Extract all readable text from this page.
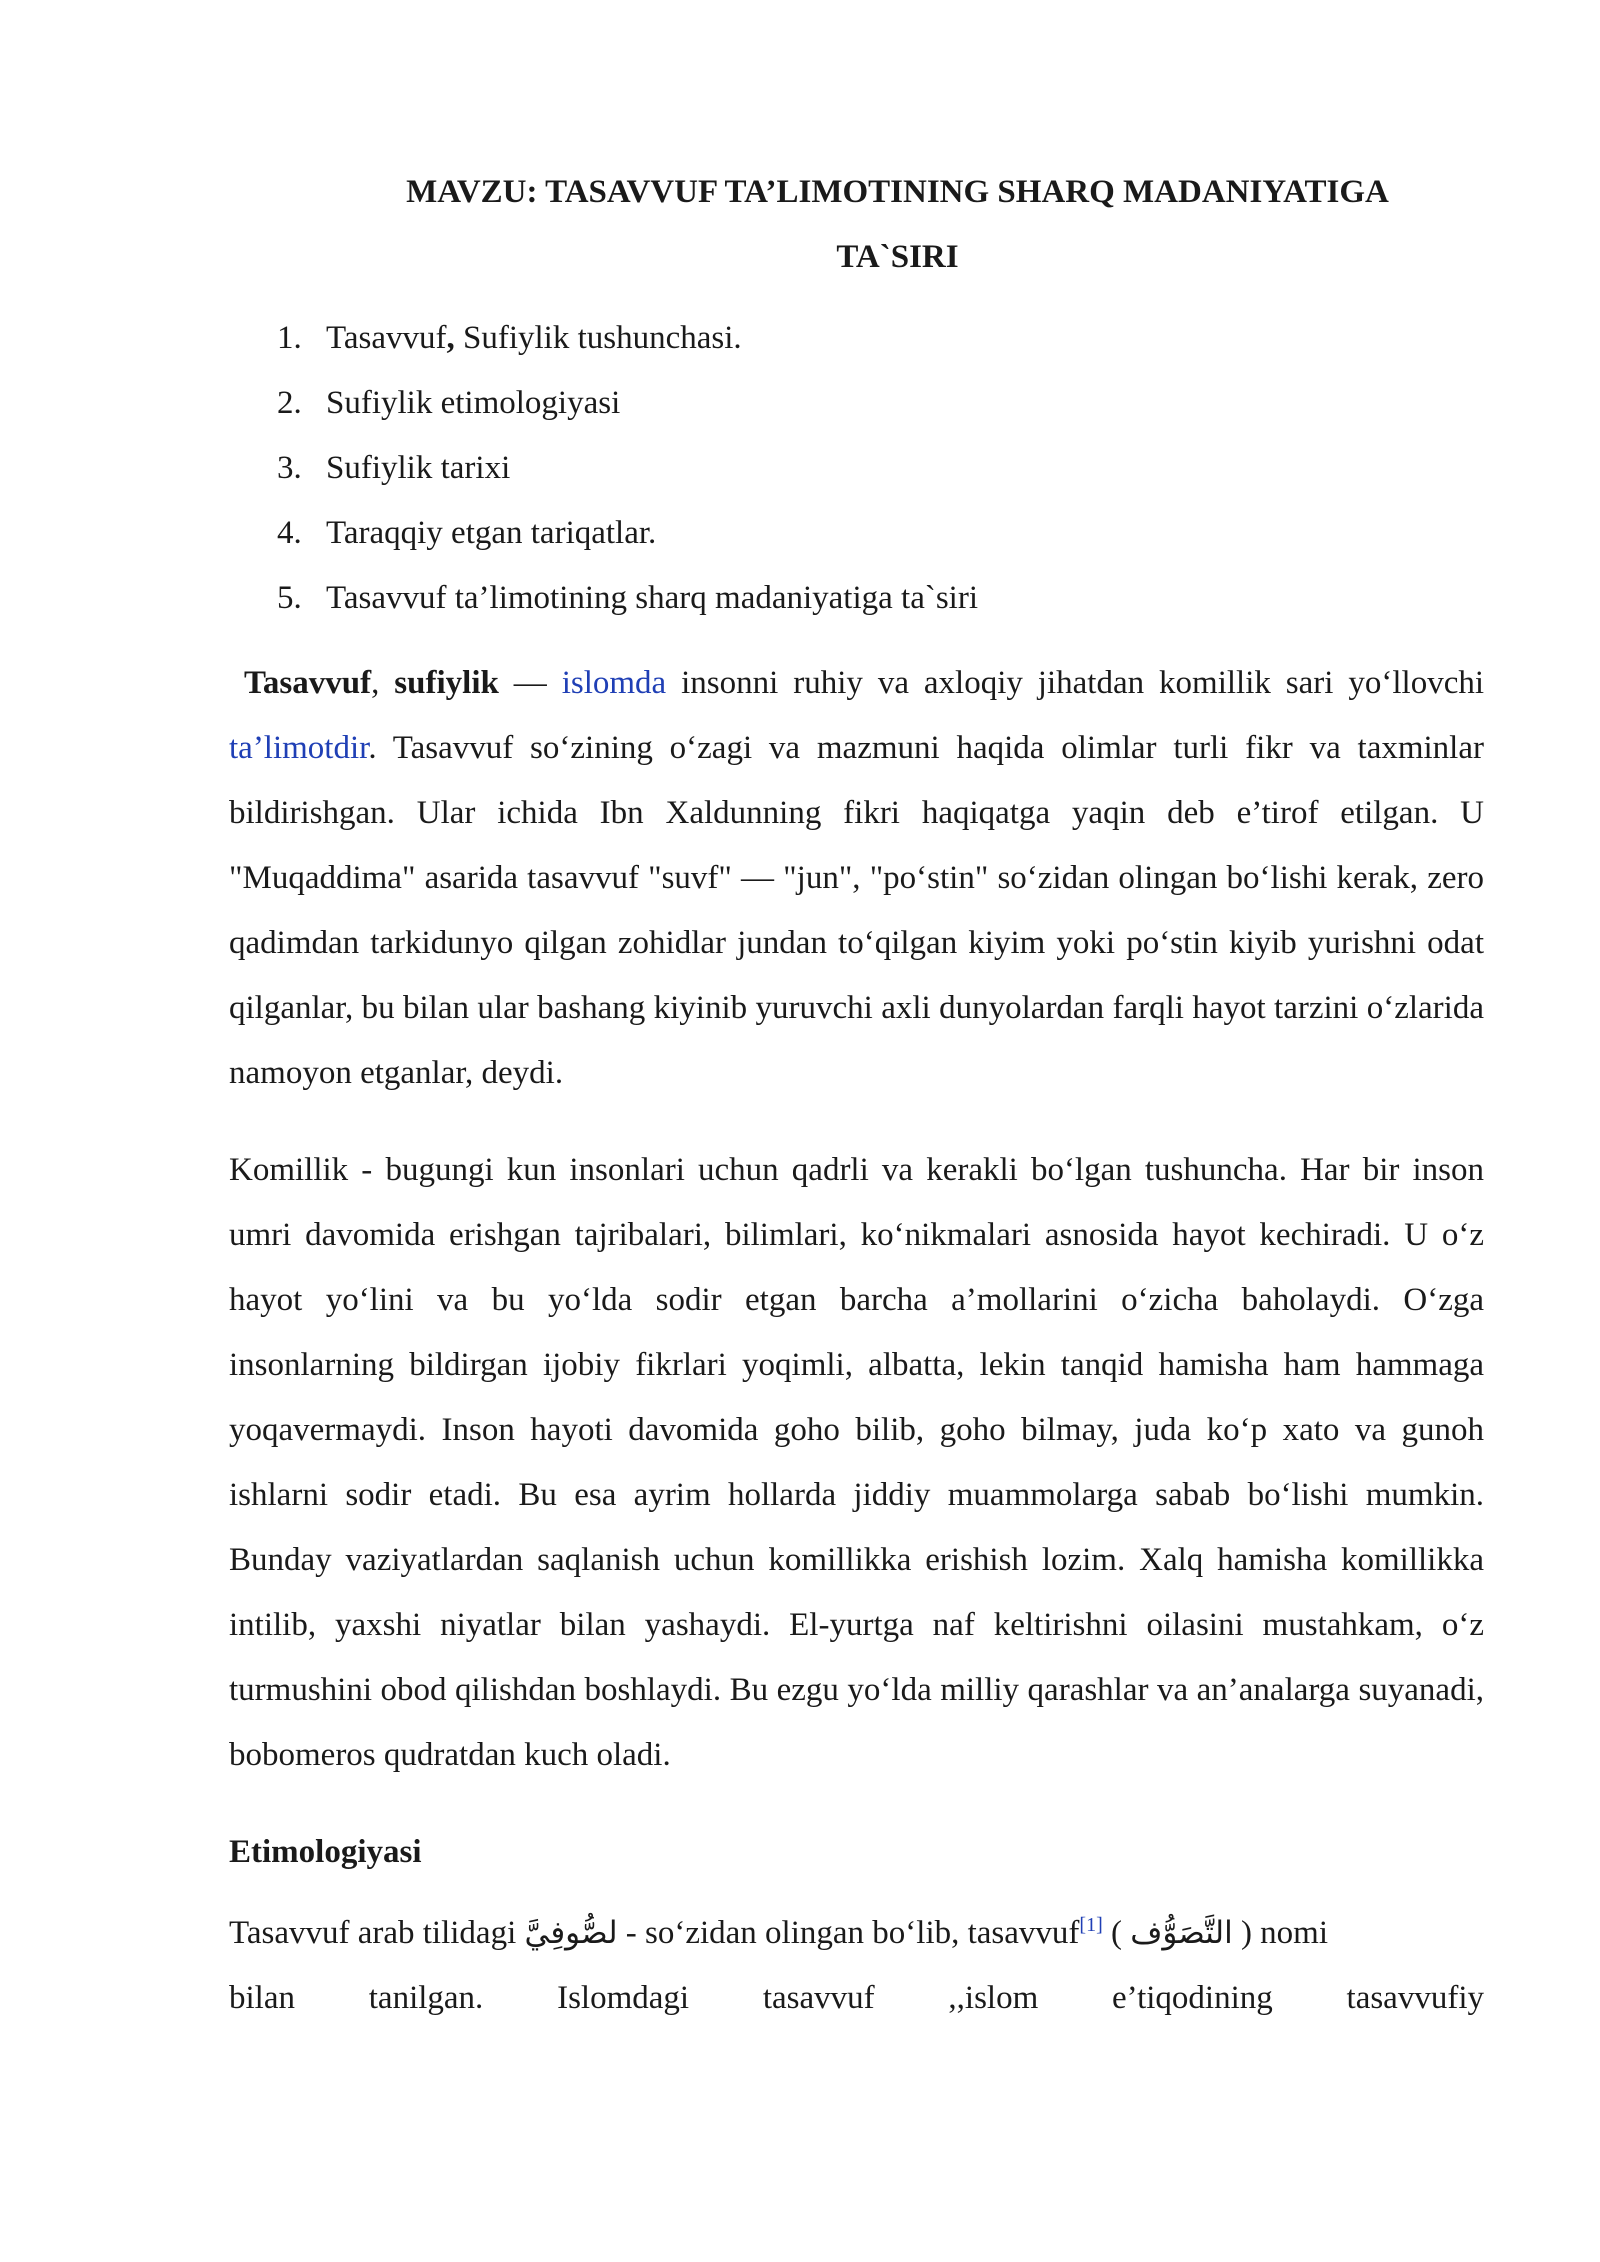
MAVZU: TASAVVUF TA’LIMOTINING SHARQ MADANIYATIGA
TA`SIRI
1. Tasavvuf, Sufiylik tushunchasi.
2. Sufiylik etimologiyasi
3. Sufiylik tarixi
4. Taraqqiy etgan tariqatlar.
5. Tasavvuf ta’limotining sharq madaniyatiga ta`siri

Tasavvuf, sufiylik — islomda insonni ruhiy va axloqiy jihatdan komillik sari yo‘llovchi ta’limotdir. Tasavvuf so‘zining o‘zagi va mazmuni haqida olimlar turli fikr va taxminlar bildirishgan. Ular ichida Ibn Xaldunning fikri haqiqatga yaqin deb e’tirof etilgan. U "Muqaddima" asarida tasavvuf "suvf" — "jun", "po‘stin" so‘zidan olingan bo‘lishi kerak, zero qadimdan tarkidunyo qilgan zohidlar jundan to‘qilgan kiyim yoki po‘stin kiyib yurishni odat qilganlar, bu bilan ular bashang kiyinib yuruvchi axli dunyolardan farqli hayot tarzini o‘zlarida namoyon etganlar, deydi.

Komillik - bugungi kun insonlari uchun qadrli va kerakli bo‘lgan tushuncha. Har bir inson umri davomida erishgan tajribalari, bilimlari, ko‘nikmalari asnosida hayot kechiradi. U o‘z hayot yo‘lini va bu yo‘lda sodir etgan barcha a’mollarini o‘zicha baholaydi. O‘zga insonlarning bildirgan ijobiy fikrlari yoqimli, albatta, lekin tanqid hamisha ham hammaga yoqavermaydi. Inson hayoti davomida goho bilib, goho bilmay, juda ko‘p xato va gunoh ishlarni sodir etadi. Bu esa ayrim hollarda jiddiy muammolarga sabab bo‘lishi mumkin. Bunday vaziyatlardan saqlanish uchun komillikka erishish lozim. Xalq hamisha komillikka intilib, yaxshi niyatlar bilan yashaydi. El-yurtga naf keltirishni oilasini mustahkam, o‘z turmushini obod qilishdan boshlaydi. Bu ezgu yo‘lda milliy qarashlar va an’analarga suyanadi, bobomeros qudratdan kuch oladi.

Etimologiyasi

Tasavvuf arab tilidagi لصُّوفِيَّ - so‘zidan olingan bo‘lib, tasavvuf[1] ( التَّصَوُّف ) nomi

bilan tanilgan. Islomdagi tasavvuf ,,islom e’tiqodining tasavvufiy
